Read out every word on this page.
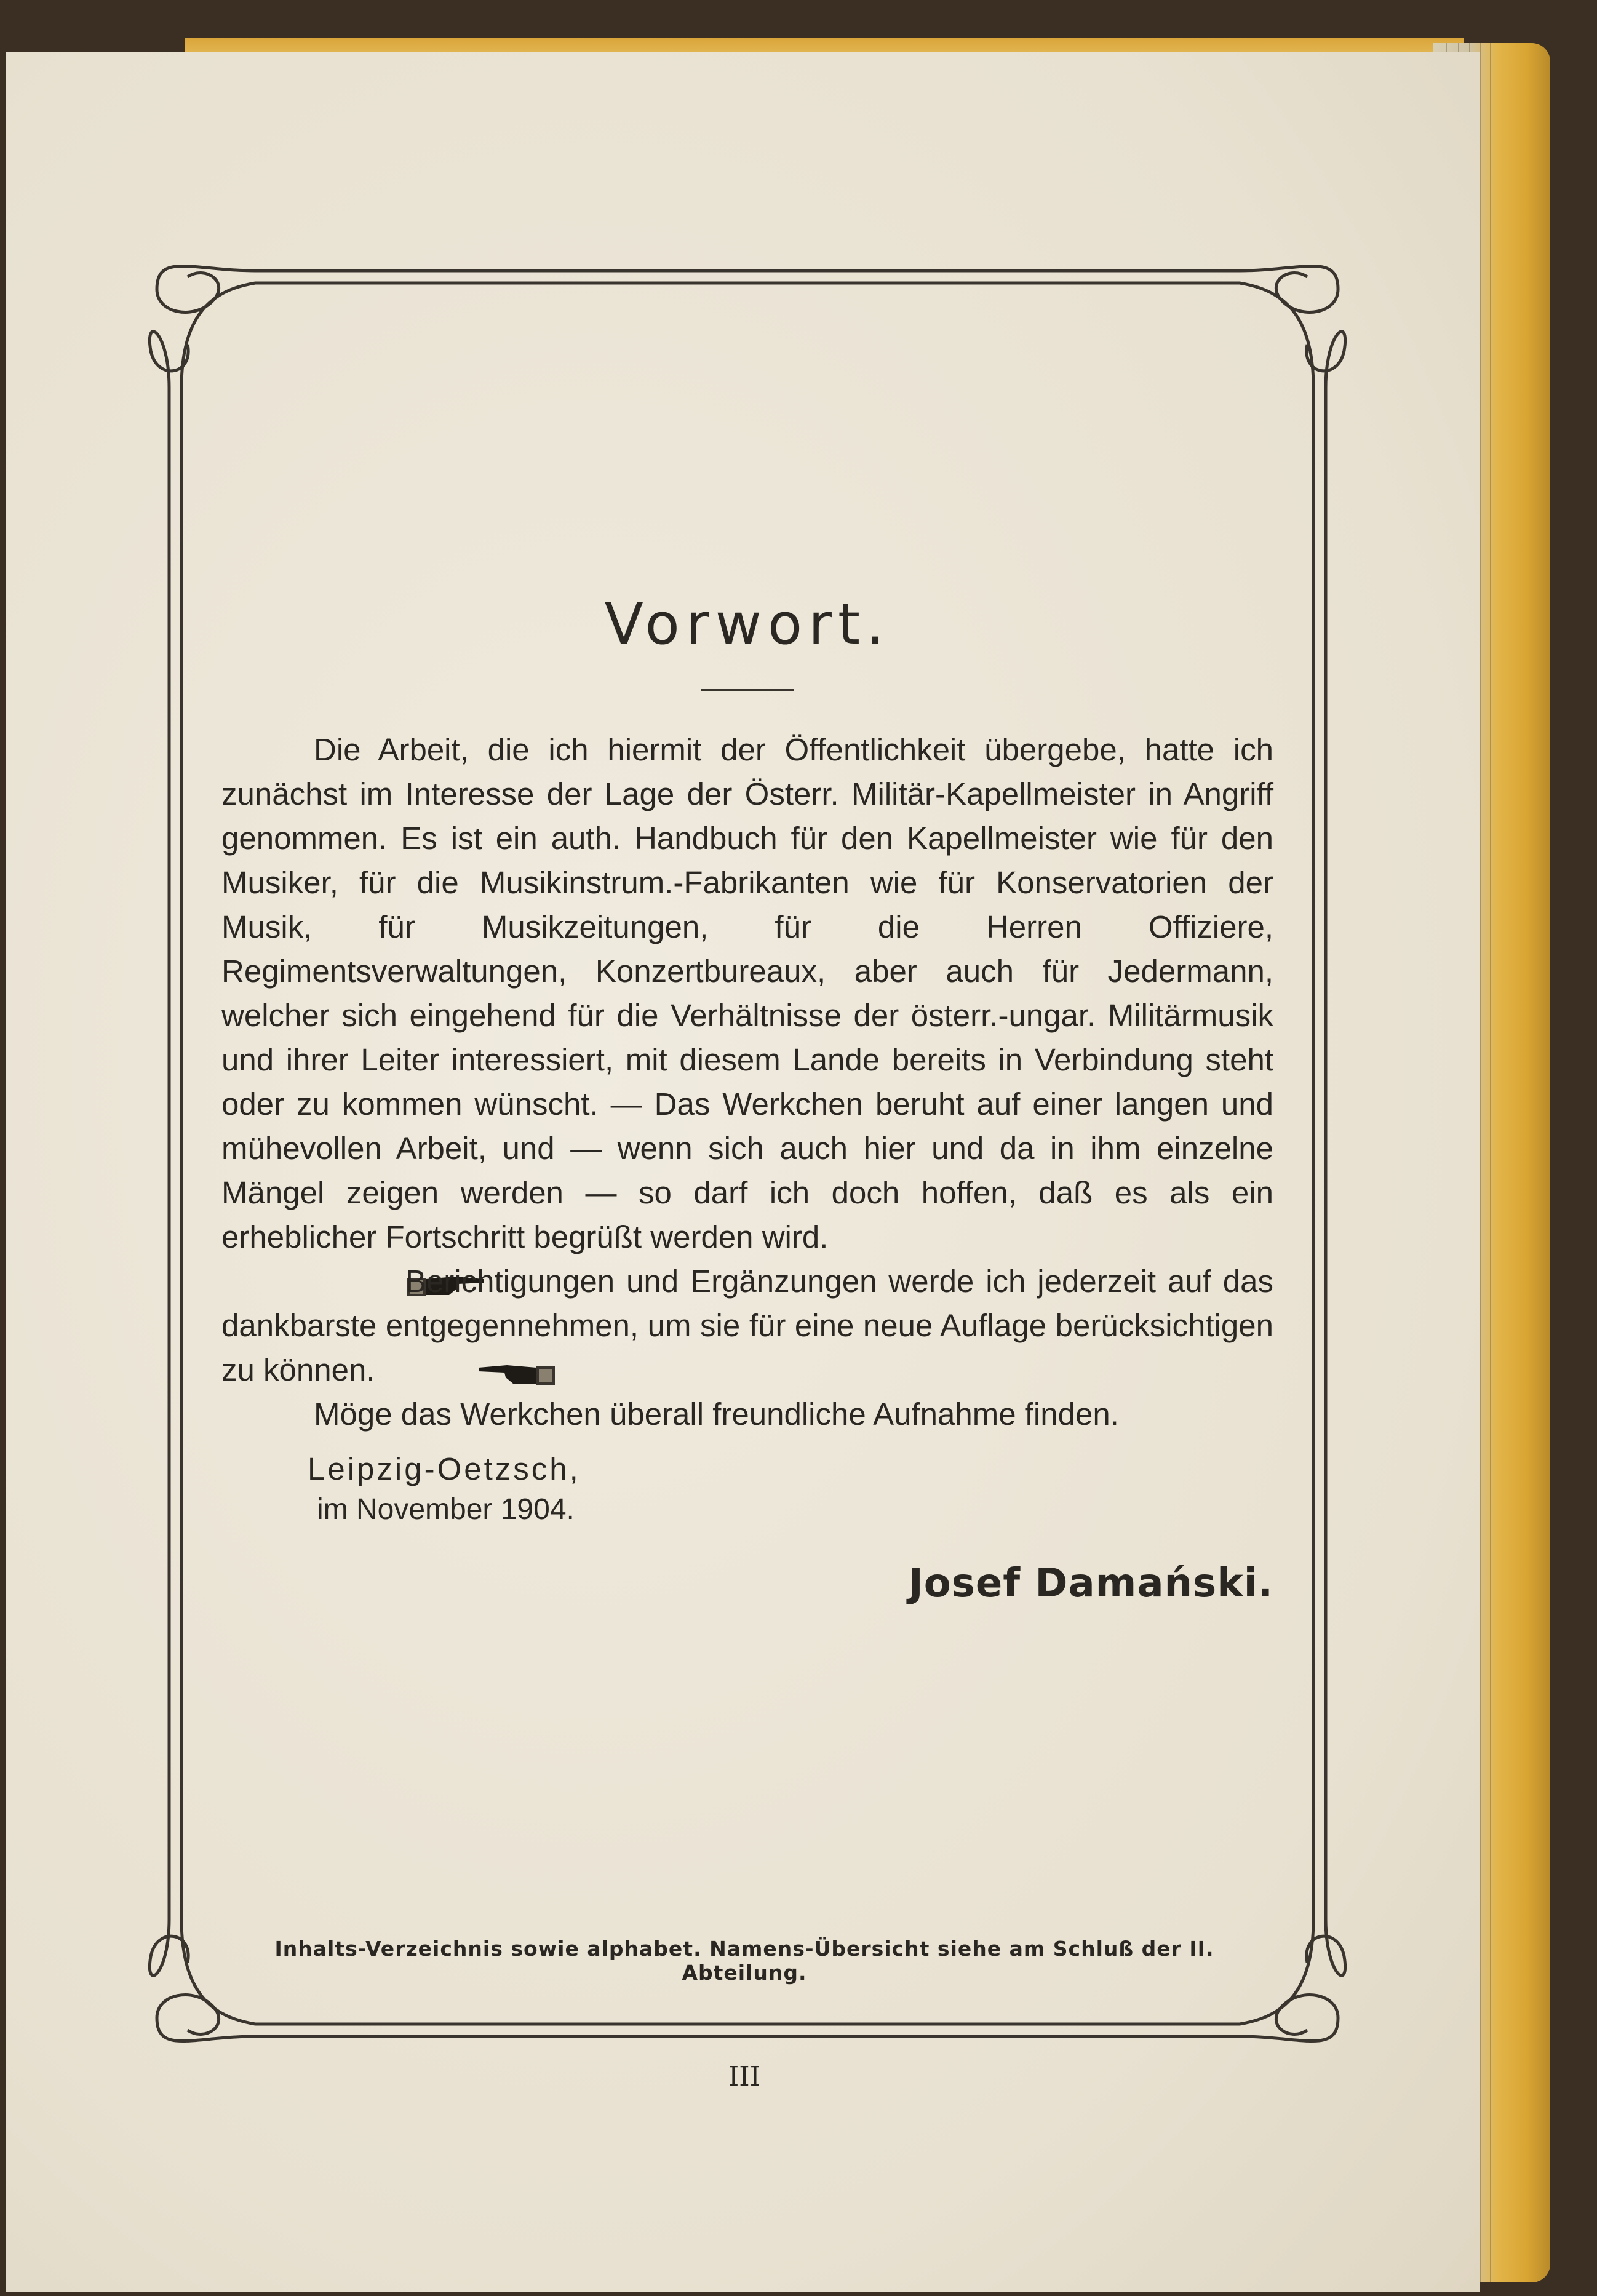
Vorwort.

Die Arbeit, die ich hiermit der Öffentlichkeit übergebe, hatte ich zunächst im Interesse der Lage der Österr. Militär-Kapellmeister in Angriff genommen. Es ist ein auth. Handbuch für den Kapellmeister wie für den Musiker, für die Musikinstrum.-Fabrikanten wie für Konservatorien der Musik, für Musikzeitungen, für die Herren Offiziere, Regimentsverwaltungen, Konzertbureaux, aber auch für Jedermann, welcher sich eingehend für die Verhältnisse der österr.-ungar. Militärmusik und ihrer Leiter interessiert, mit diesem Lande bereits in Verbindung steht oder zu kommen wünscht. — Das Werkchen beruht auf einer langen und mühevollen Arbeit, und — wenn sich auch hier und da in ihm einzelne Mängel zeigen werden — so darf ich doch hoffen, daß es als ein erheblicher Fortschritt begrüßt werden wird.

Berichtigungen und Ergänzungen werde ich jederzeit auf das dankbarste entgegennehmen, um sie für eine neue Auflage berücksichtigen zu können.

Möge das Werkchen überall freundliche Aufnahme finden.

Leipzig-Oetzsch,
im November 1904.
Josef Damański.
Inhalts-Verzeichnis sowie alphabet. Namens-Übersicht siehe am Schluß der II. Abteilung.
III
